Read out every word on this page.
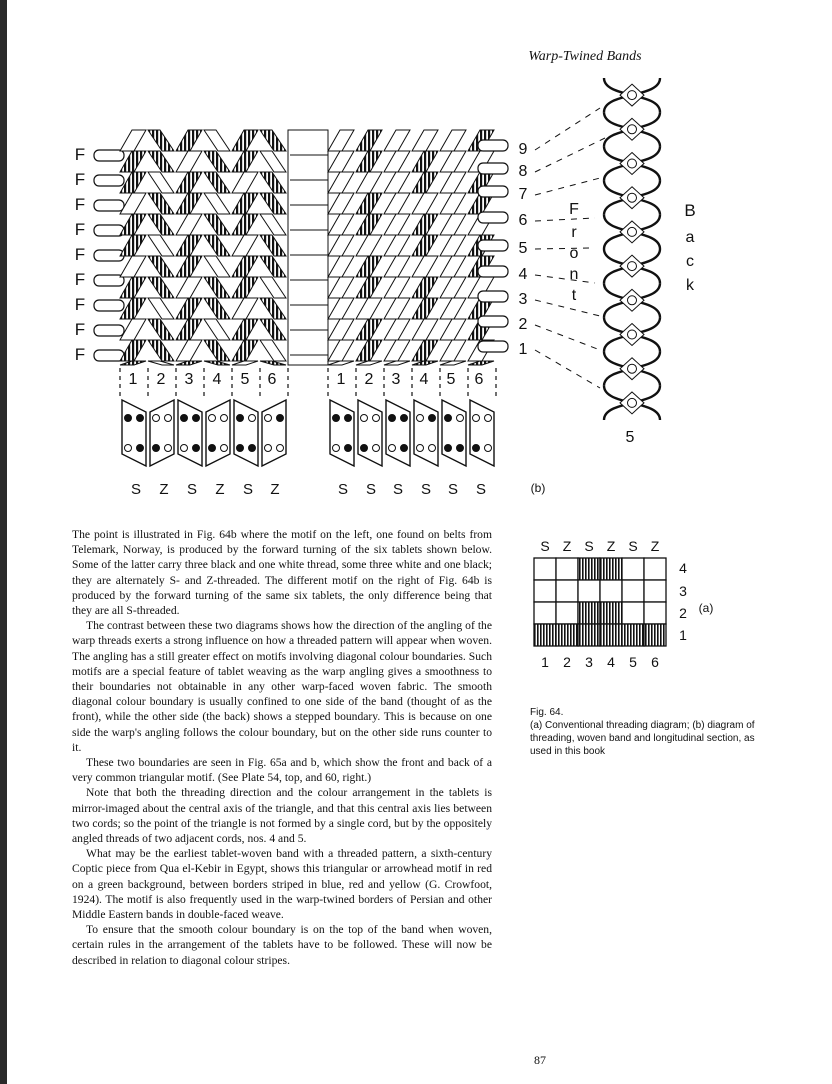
Warp-Twined Bands
F
F
F
F
F
F
F
F
F
9
8
7
6
5
4
3
2
1
F
r
o
n
t
B
a
c
k
5
1 2 3 4 5 6	1 2 3 4 5 6
S Z S Z S Z	S S S S S S	(b)
S Z S Z S Z
4
3
2
1
(a)
1 2 3 4 5 6
Fig. 64.
(a) Conventional threading diagram; (b) diagram of threading, woven band and longitudinal section, as used in this book

The point is illustrated in Fig. 64b where the motif on the left, one found on belts from Telemark, Norway, is produced by the forward turning of the six tablets shown below. Some of the latter carry three black and one white thread, some three white and one black; they are alternately S- and Z-threaded. The different motif on the right of Fig. 64b is produced by the forward turning of the same six tablets, the only difference being that they are all S-threaded.

The contrast between these two diagrams shows how the direction of the angling of the warp threads exerts a strong influence on how a threaded pattern will appear when woven. The angling has a still greater effect on motifs involving diagonal colour boundaries. Such motifs are a special feature of tablet weaving as the warp angling gives a smoothness to their boundaries not obtainable in any other warp-faced woven fabric. The smooth diagonal colour boundary is usually confined to one side of the band (thought of as the front), while the other side (the back) shows a stepped boundary. This is because on one side the warp's angling follows the colour boundary, but on the other side runs counter to it.

These two boundaries are seen in Fig. 65a and b, which show the front and back of a very common triangular motif. (See Plate 54, top, and 60, right.)

Note that both the threading direction and the colour arrangement in the tablets is mirror-imaged about the central axis of the triangle, and that this central axis lies between two cords; so the point of the triangle is not formed by a single cord, but by the oppositely angled threads of two adjacent cords, nos. 4 and 5.

What may be the earliest tablet-woven band with a threaded pattern, a sixth-century Coptic piece from Qua el-Kebir in Egypt, shows this triangular or arrowhead motif in red on a green background, between borders striped in blue, red and yellow (G. Crowfoot, 1924). The motif is also frequently used in the warp-twined borders of Persian and other Middle Eastern bands in double-faced weave.

To ensure that the smooth colour boundary is on the top of the band when woven, certain rules in the arrangement of the tablets have to be followed. These will now be described in relation to diagonal colour stripes.

87
